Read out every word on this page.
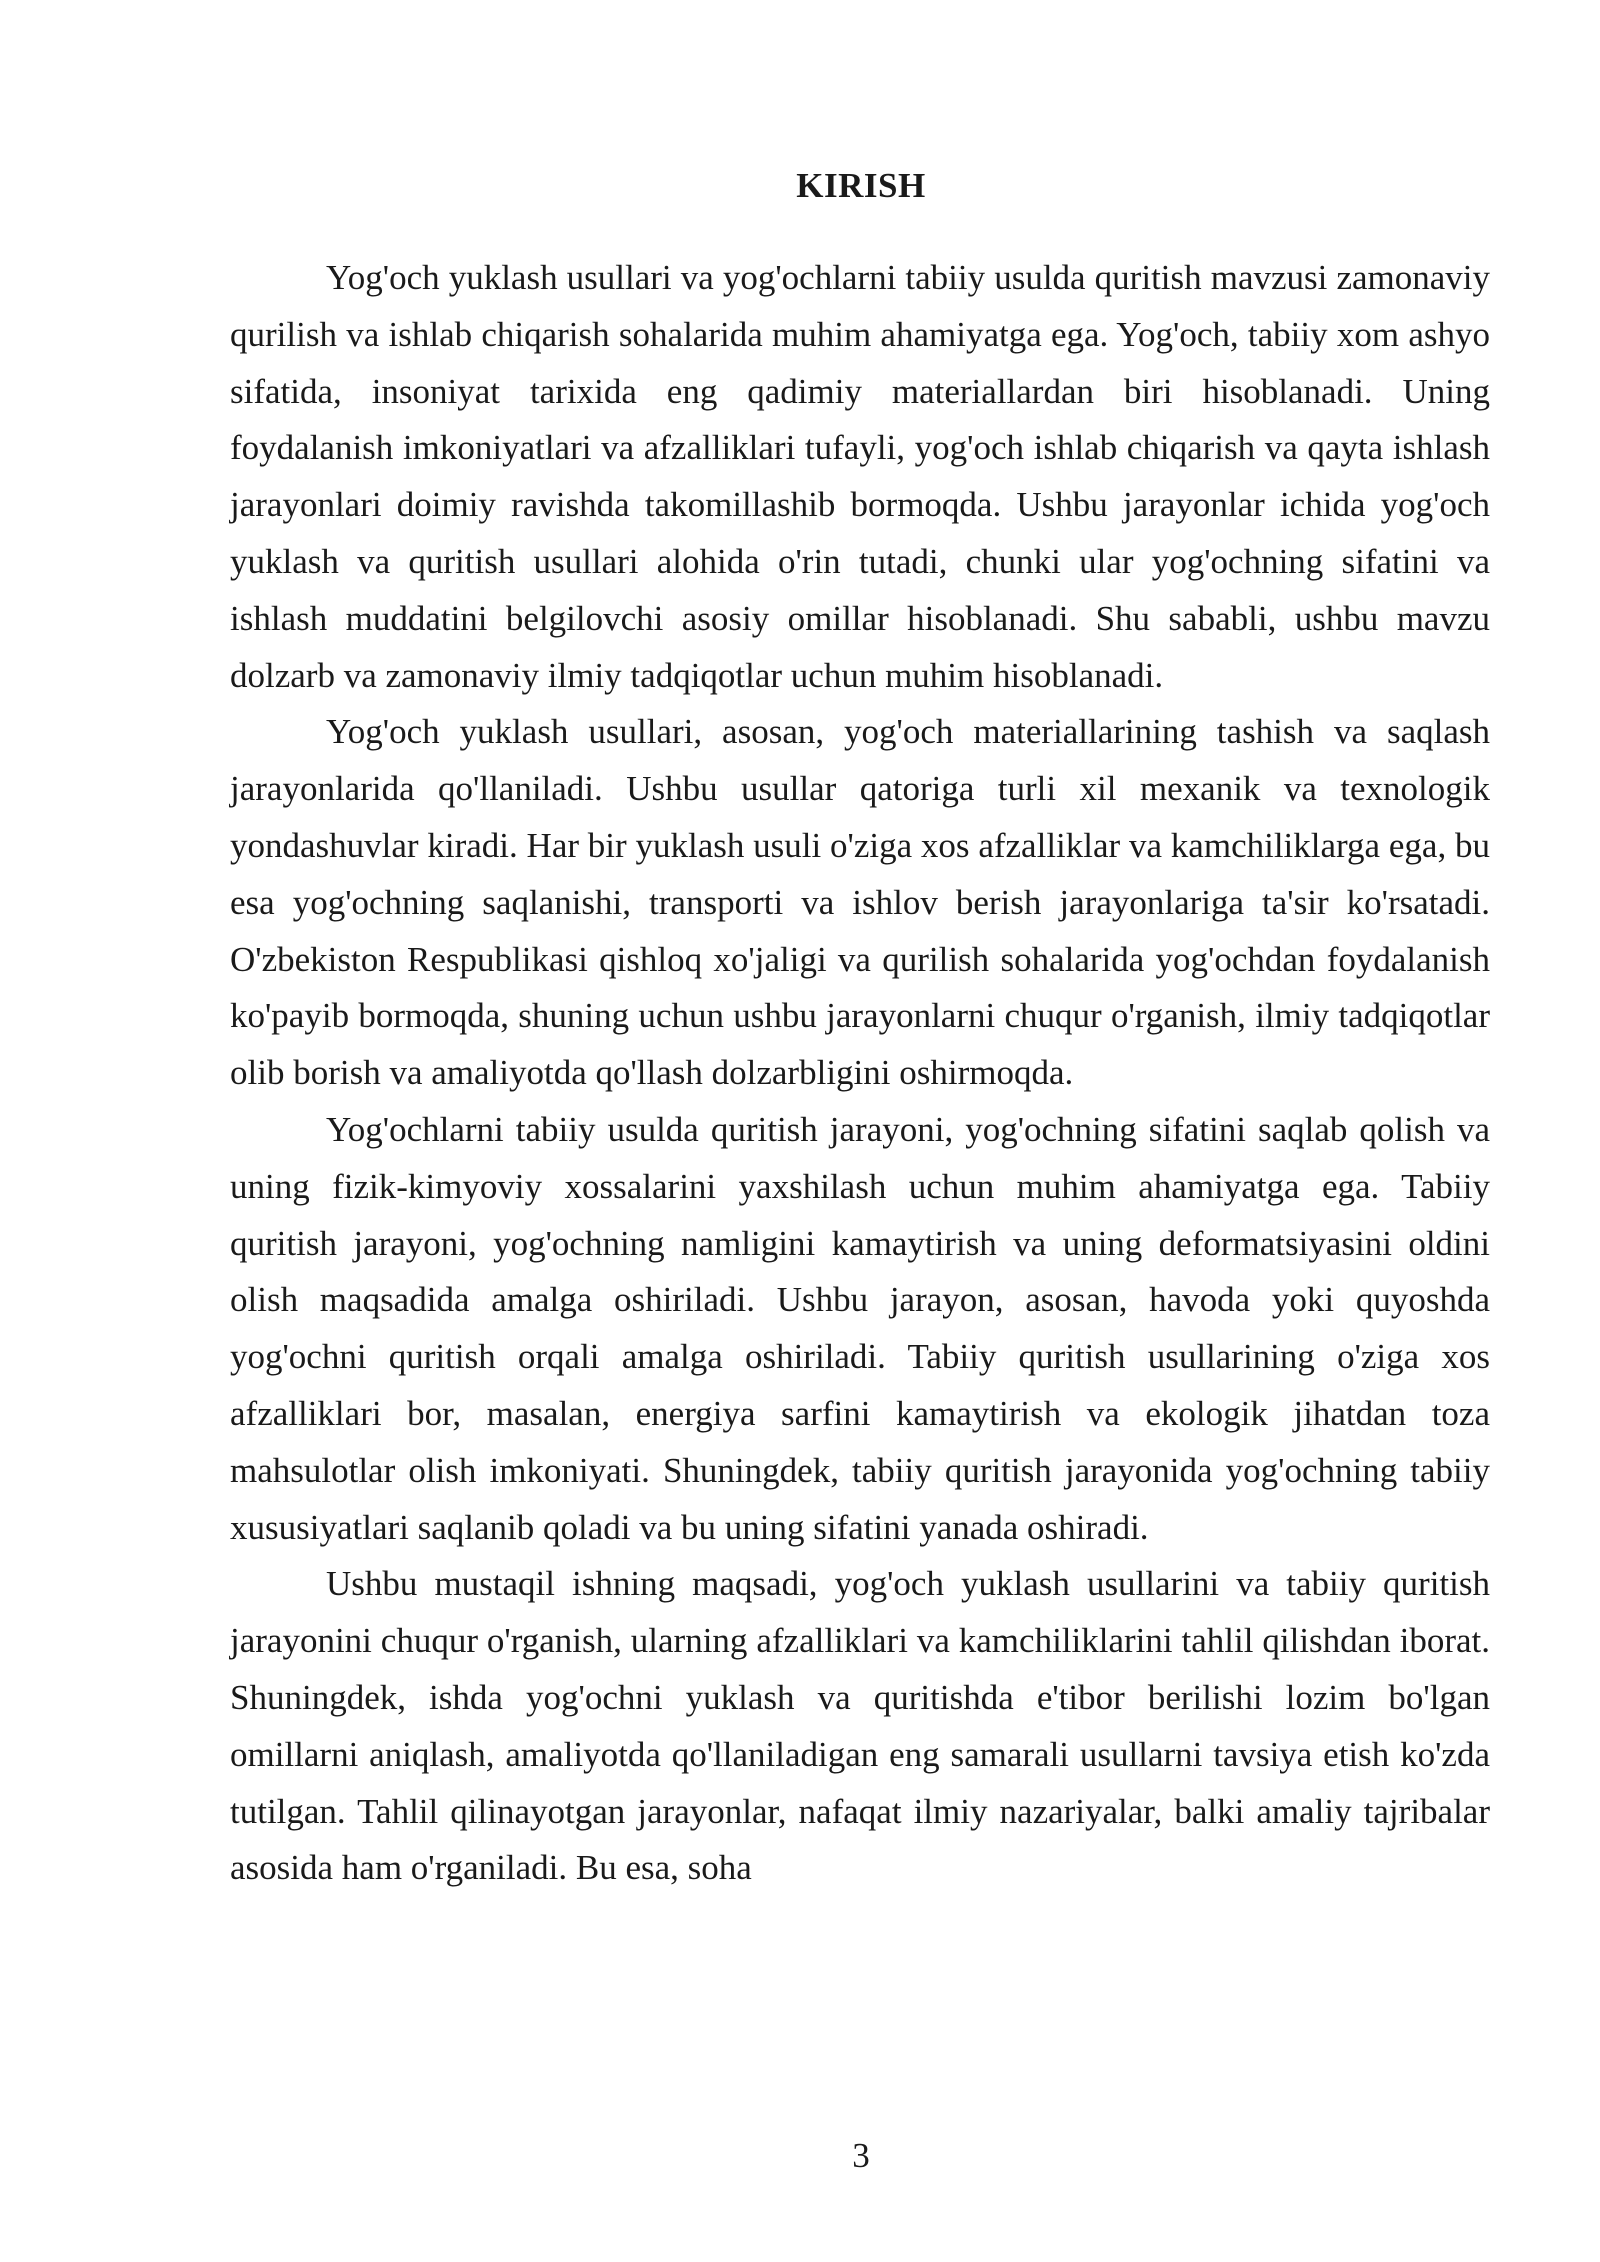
KIRISH

Yog'och yuklash usullari va yog'ochlarni tabiiy usulda quritish mavzusi zamonaviy qurilish va ishlab chiqarish sohalarida muhim ahamiyatga ega. Yog'och, tabiiy xom ashyo sifatida, insoniyat tarixida eng qadimiy materiallardan biri hisoblanadi. Uning foydalanish imkoniyatlari va afzalliklari tufayli, yog'och ishlab chiqarish va qayta ishlash jarayonlari doimiy ravishda takomillashib bormoqda. Ushbu jarayonlar ichida yog'och yuklash va quritish usullari alohida o'rin tutadi, chunki ular yog'ochning sifatini va ishlash muddatini belgilovchi asosiy omillar hisoblanadi. Shu sababli, ushbu mavzu dolzarb va zamonaviy ilmiy tadqiqotlar uchun muhim hisoblanadi.

Yog'och yuklash usullari, asosan, yog'och materiallarining tashish va saqlash jarayonlarida qo'llaniladi. Ushbu usullar qatoriga turli xil mexanik va texnologik yondashuvlar kiradi. Har bir yuklash usuli o'ziga xos afzalliklar va kamchiliklarga ega, bu esa yog'ochning saqlanishi, transporti va ishlov berish jarayonlariga ta'sir ko'rsatadi. O'zbekiston Respublikasi qishloq xo'jaligi va qurilish sohalarida yog'ochdan foydalanish ko'payib bormoqda, shuning uchun ushbu jarayonlarni chuqur o'rganish, ilmiy tadqiqotlar olib borish va amaliyotda qo'llash dolzarbligini oshirmoqda.

Yog'ochlarni tabiiy usulda quritish jarayoni, yog'ochning sifatini saqlab qolish va uning fizik-kimyoviy xossalarini yaxshilash uchun muhim ahamiyatga ega. Tabiiy quritish jarayoni, yog'ochning namligini kamaytirish va uning deformatsiyasini oldini olish maqsadida amalga oshiriladi. Ushbu jarayon, asosan, havoda yoki quyoshda yog'ochni quritish orqali amalga oshiriladi. Tabiiy quritish usullarining o'ziga xos afzalliklari bor, masalan, energiya sarfini kamaytirish va ekologik jihatdan toza mahsulotlar olish imkoniyati. Shuningdek, tabiiy quritish jarayonida yog'ochning tabiiy xususiyatlari saqlanib qoladi va bu uning sifatini yanada oshiradi.

Ushbu mustaqil ishning maqsadi, yog'och yuklash usullarini va tabiiy quritish jarayonini chuqur o'rganish, ularning afzalliklari va kamchiliklarini tahlil qilishdan iborat. Shuningdek, ishda yog'ochni yuklash va quritishda e'tibor berilishi lozim bo'lgan omillarni aniqlash, amaliyotda qo'llaniladigan eng samarali usullarni tavsiya etish ko'zda tutilgan. Tahlil qilinayotgan jarayonlar, nafaqat ilmiy nazariyalar, balki amaliy tajribalar asosida ham o'rganiladi. Bu esa, soha

3
